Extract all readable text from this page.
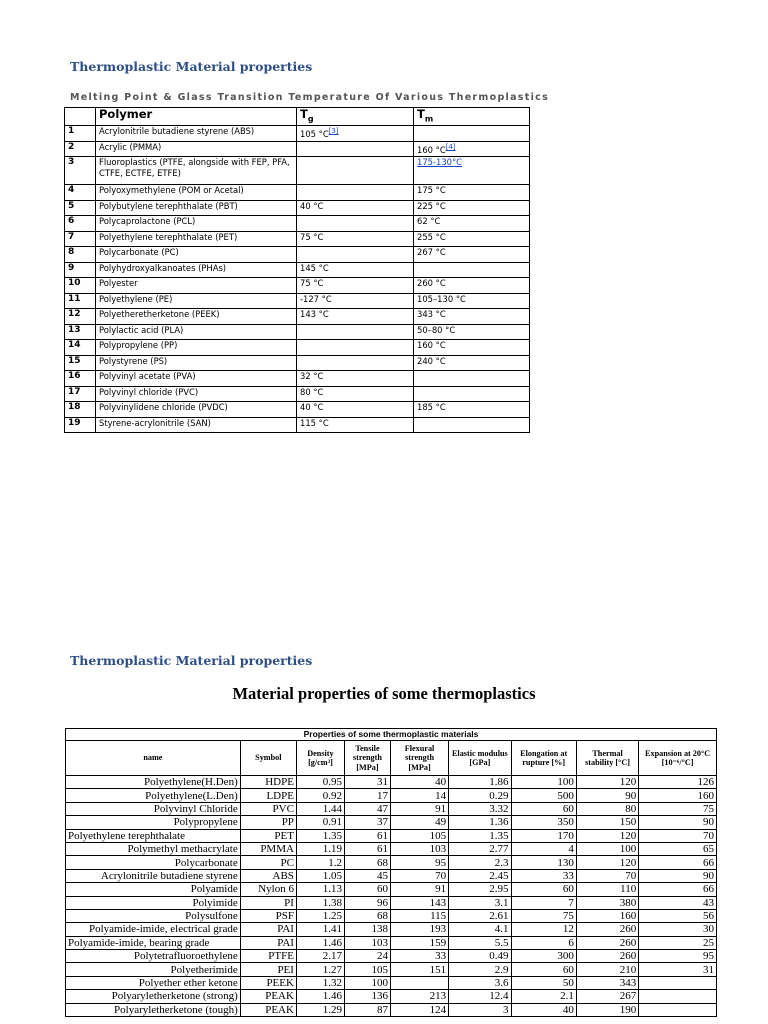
Thermoplastic Material properties
Melting Point & Glass Transition Temperature Of Various Thermoplastics
	Polymer	$T_g$	$T_m$
1	Acrylonitrile butadiene styrene (ABS)	105 °C[3]	
2	Acrylic (PMMA)		160 °C[4]
3	Fluoroplastics (PTFE, alongside with FEP, PFA, CTFE, ECTFE, ETFE)		175-130°C
4	Polyoxymethylene (POM or Acetal)		175 °C
5	Polybutylene terephthalate (PBT)	40 °C	225 °C
6	Polycaprolactone (PCL)		62 °C
7	Polyethylene terephthalate (PET)	75 °C	255 °C
8	Polycarbonate (PC)		267 °C
9	Polyhydroxyalkanoates (PHAs)	145 °C	
10	Polyester	75 °C	260 °C
11	Polyethylene (PE)	-127 °C	105–130 °C
12	Polyetheretherketone (PEEK)	143 °C	343 °C
13	Polylactic acid (PLA)		50–80 °C
14	Polypropylene (PP)		160 °C
15	Polystyrene (PS)		240 °C
16	Polyvinyl acetate (PVA)	32 °C	
17	Polyvinyl chloride (PVC)	80 °C	
18	Polyvinylidene chloride (PVDC)	40 °C	185 °C
19	Styrene-acrylonitrile (SAN)	115 °C	
Thermoplastic Material properties
Material properties of some thermoplastics
Properties of some thermoplastic materials								
name	Symbol	Density [g/cm³]	Tensile strength [MPa]	Flexural strength [MPa]	Elastic modulus [GPa]	Elongation at rupture [%]	Thermal stability [°C]	Expansion at 20°C [10⁻⁶/°C]
Polyethylene(H.Den)	HDPE	0.95	31	40	1.86	100	120	126
Polyethylene(L.Den)	LDPE	0.92	17	14	0.29	500	90	160
Polyvinyl Chloride	PVC	1.44	47	91	3.32	60	80	75
Polypropylene	PP	0.91	37	49	1.36	350	150	90
Polyethylene terephthalate	PET	1.35	61	105	1.35	170	120	70
Polymethyl methacrylate	PMMA	1.19	61	103	2.77	4	100	65
Polycarbonate	PC	1.2	68	95	2.3	130	120	66
Acrylonitrile butadiene styrene	ABS	1.05	45	70	2.45	33	70	90
Polyamide	Nylon 6	1.13	60	91	2.95	60	110	66
Polyimide	PI	1.38	96	143	3.1	7	380	43
Polysulfone	PSF	1.25	68	115	2.61	75	160	56
Polyamide-imide, electrical grade	PAI	1.41	138	193	4.1	12	260	30
Polyamide-imide, bearing grade	PAI	1.46	103	159	5.5	6	260	25
Polytetrafluoroethylene	PTFE	2.17	24	33	0.49	300	260	95
Polyetherimide	PEI	1.27	105	151	2.9	60	210	31
Polyether ether ketone	PEEK	1.32	100		3.6	50	343	
Polyaryletherketone (strong)	PEAK	1.46	136	213	12.4	2.1	267	
Polyaryletherketone (tough)	PEAK	1.29	87	124	3	40	190	
